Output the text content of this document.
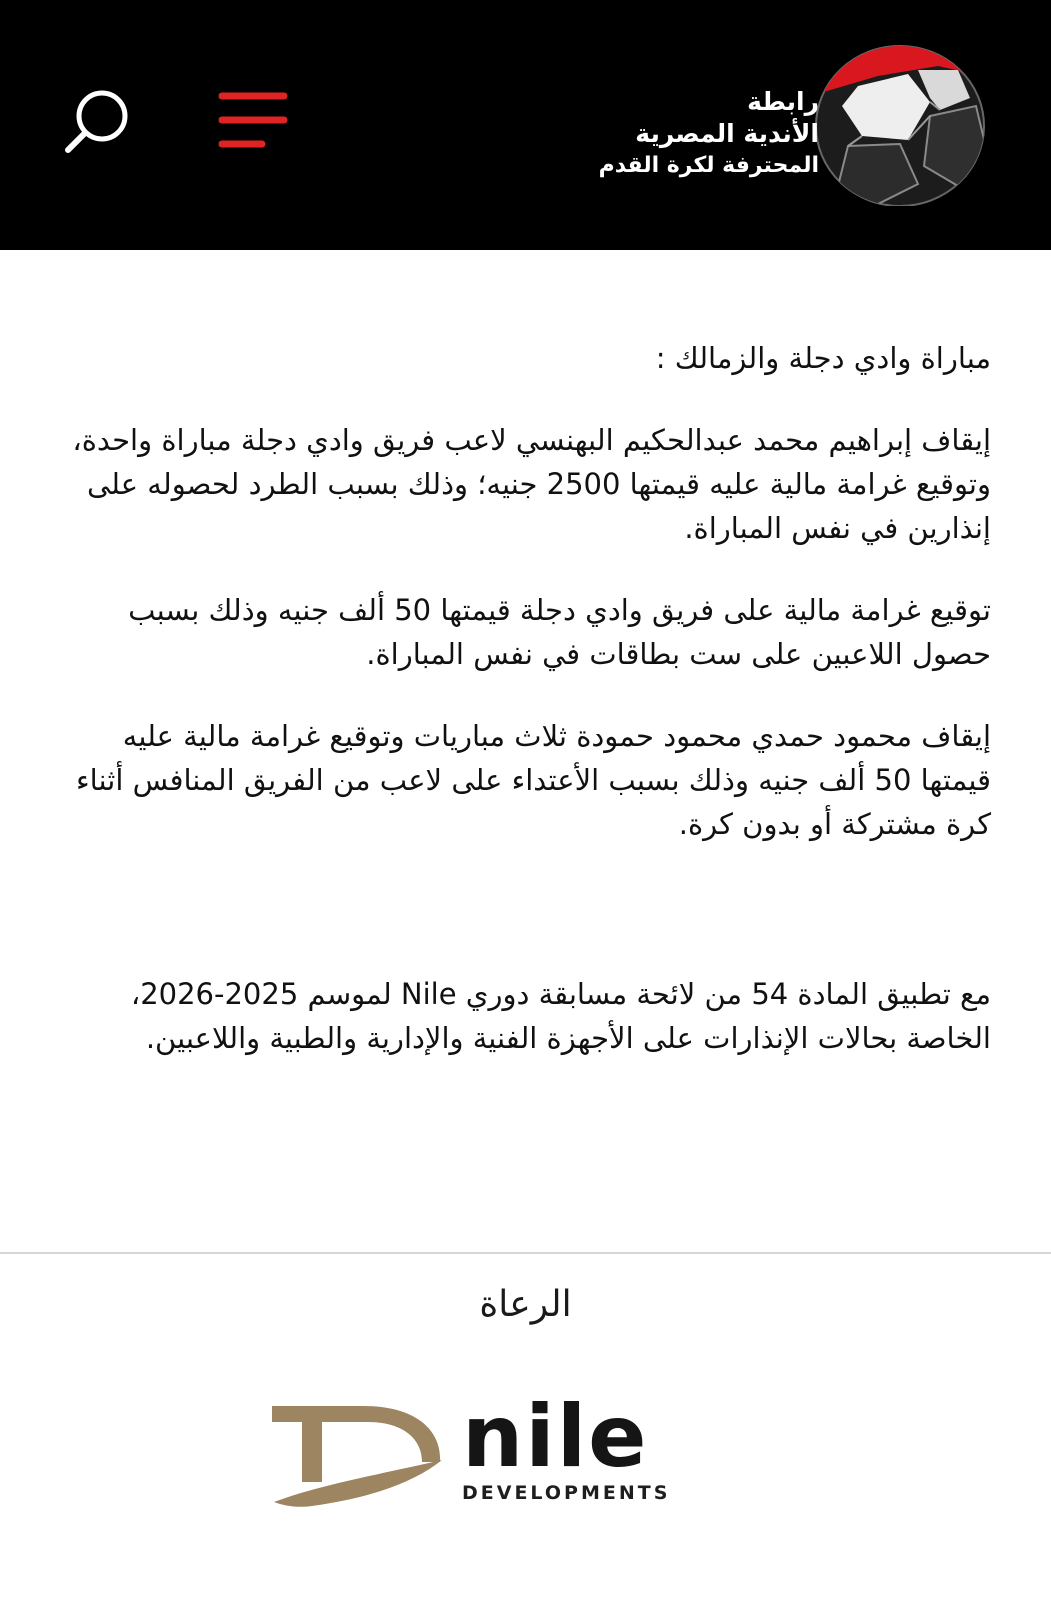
رابطة
الأندية المصرية
المحترفة لكرة القدم

مباراة وادي دجلة والزمالك :

إيقاف إبراهيم محمد عبدالحكيم البهنسي لاعب فريق وادي دجلة مباراة واحدة، وتوقيع غرامة مالية عليه قيمتها 2500 جنيه؛ وذلك بسبب الطرد لحصوله على إنذارين في نفس المباراة.

توقيع غرامة مالية على فريق وادي دجلة قيمتها 50 ألف جنيه وذلك بسبب حصول اللاعبين على ست بطاقات في نفس المباراة.

إيقاف محمود حمدي محمود حمودة ثلاث مباريات وتوقيع غرامة مالية عليه قيمتها 50 ألف جنيه وذلك بسبب الأعتداء على لاعب من الفريق المنافس أثناء كرة مشتركة أو بدون كرة.

مع تطبيق المادة 54 من لائحة مسابقة دوري Nile لموسم 2025-2026، الخاصة بحالات الإنذارات على الأجهزة الفنية والإدارية والطبية واللاعبين.

الرعاة
nile
DEVELOPMENTS
